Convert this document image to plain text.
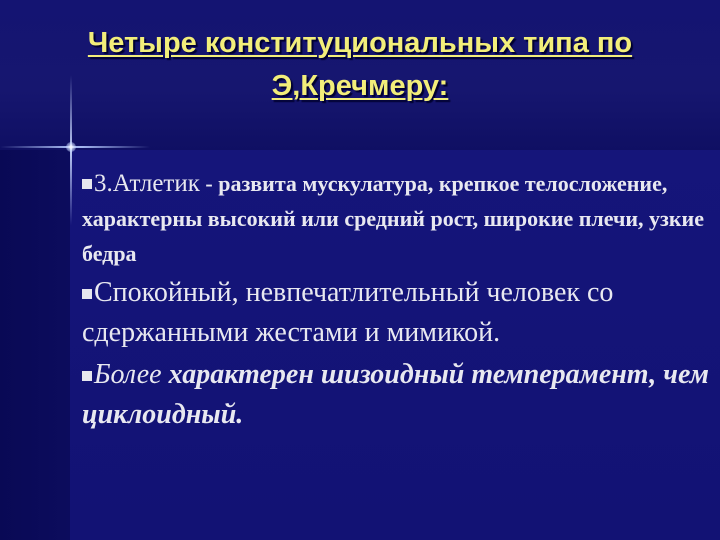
Четыре конституциональных типа по
Э,Кречмеру:

3.Атлетик - развита мускулатура, крепкое телосложение, характерны высокий или средний рост, широкие плечи, узкие бедра

Спокойный, невпечатлительный человек со сдержанными жестами и мимикой.

Более характерен шизоидный темперамент, чем циклоидный.
